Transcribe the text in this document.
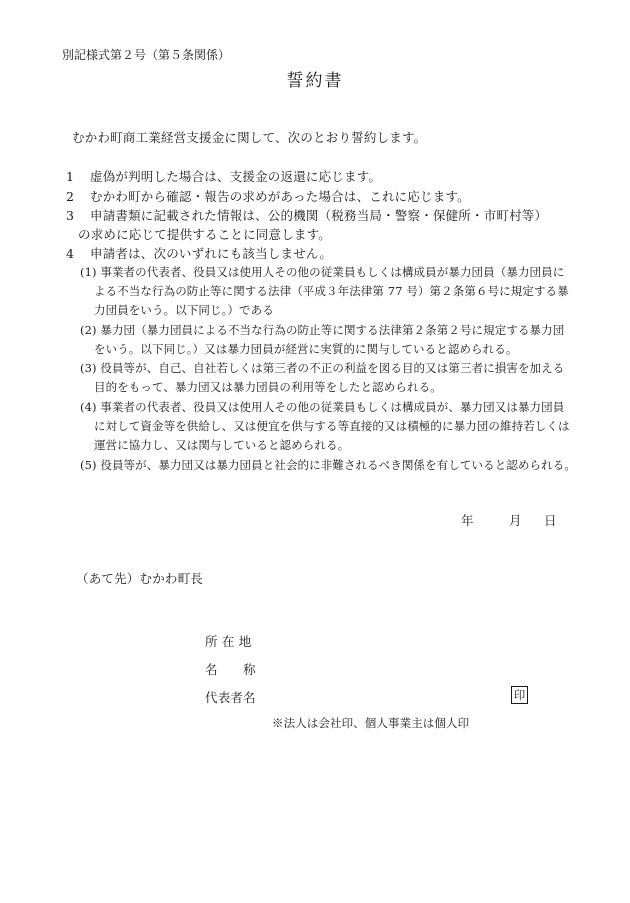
別記様式第２号（第５条関係）
誓約書
むかわ町商工業経営支援金に関して、次のとおり誓約します。
1 虚偽が判明した場合は、支援金の返還に応じます。
2 むかわ町から確認・報告の求めがあった場合は、これに応じます。
3 申請書類に記載された情報は、公的機関（税務当局・警察・保健所・市町村等）
の求めに応じて提供することに同意します。
4 申請者は、次のいずれにも該当しません。
(1) 事業者の代表者、役員又は使用人その他の従業員もしくは構成員が暴力団員（暴力団員に
よる不当な行為の防止等に関する法律（平成３年法律第 77 号）第２条第６号に規定する暴
力団員をいう。以下同じ。）である
(2) 暴力団（暴力団員による不当な行為の防止等に関する法律第２条第２号に規定する暴力団
をいう。以下同じ。）又は暴力団員が経営に実質的に関与していると認められる。
(3) 役員等が、自己、自社若しくは第三者の不正の利益を図る目的又は第三者に損害を加える
目的をもって、暴力団又は暴力団員の利用等をしたと認められる。
(4) 事業者の代表者、役員又は使用人その他の従業員もしくは構成員が、暴力団又は暴力団員
に対して資金等を供給し、又は便宜を供与する等直接的又は積極的に暴力団の維持若しくは
運営に協力し、又は関与していると認められる。
(5) 役員等が、暴力団又は暴力団員と社会的に非難されるべき関係を有していると認められる。
年	月 日
（あて先）むかわ町長
所 在 地
名　　称
代表者名	印
※法人は会社印、個人事業主は個人印
